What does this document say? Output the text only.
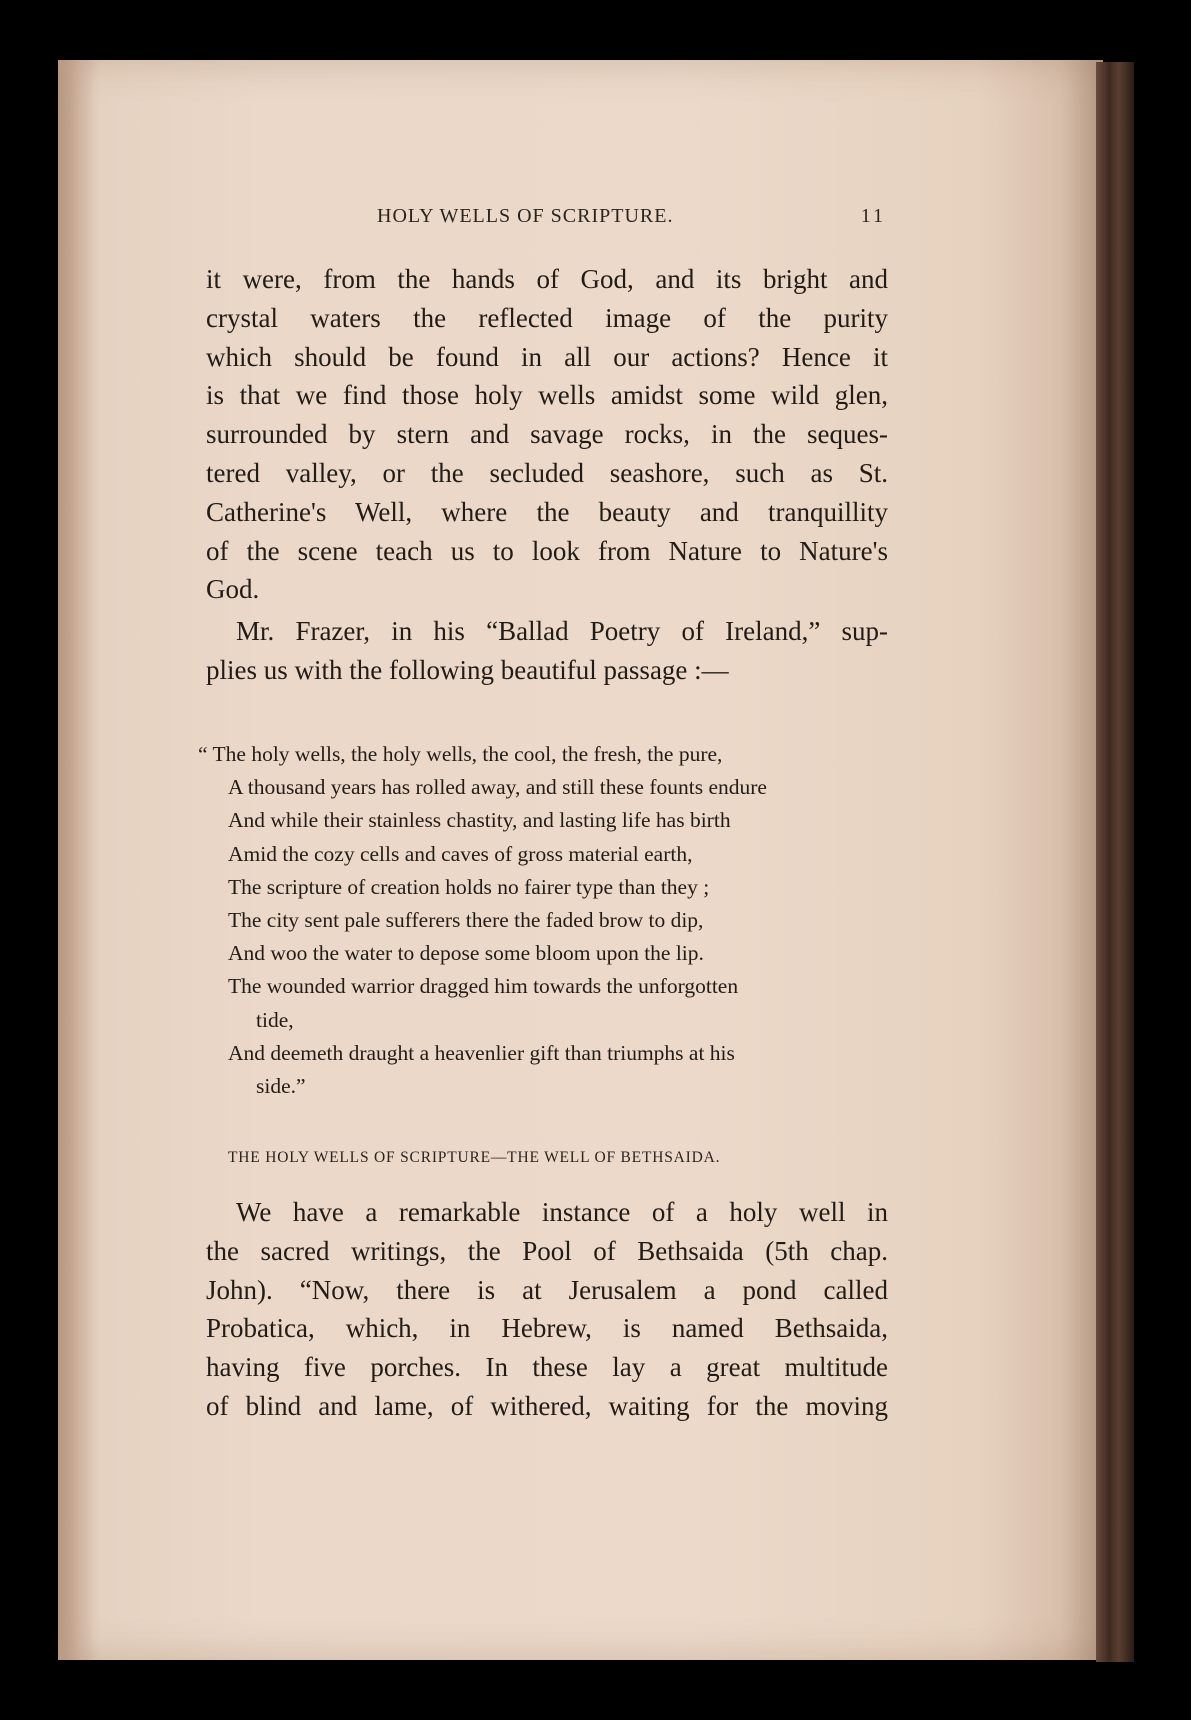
HOLY WELLS OF SCRIPTURE.	11
it were, from the hands of God, and its bright and
crystal waters the reflected image of the purity
which should be found in all our actions? Hence it
is that we find those holy wells amidst some wild glen,
surrounded by stern and savage rocks, in the seques-
tered valley, or the secluded seashore, such as St.
Catherine's Well, where the beauty and tranquillity
of the scene teach us to look from Nature to Nature's
God.
Mr. Frazer, in his “Ballad Poetry of Ireland,” sup-
plies us with the following beautiful passage :—
“ The holy wells, the holy wells, the cool, the fresh, the pure,
A thousand years has rolled away, and still these founts endure
And while their stainless chastity, and lasting life has birth
Amid the cozy cells and caves of gross material earth,
The scripture of creation holds no fairer type than they ;
The city sent pale sufferers there the faded brow to dip,
And woo the water to depose some bloom upon the lip.
The wounded warrior dragged him towards the unforgotten
tide,
And deemeth draught a heavenlier gift than triumphs at his
side.”
THE HOLY WELLS OF SCRIPTURE—THE WELL OF BETHSAIDA.
We have a remarkable instance of a holy well in
the sacred writings, the Pool of Bethsaida (5th chap.
John). “Now, there is at Jerusalem a pond called
Probatica, which, in Hebrew, is named Bethsaida,
having five porches. In these lay a great multitude
of blind and lame, of withered, waiting for the moving
